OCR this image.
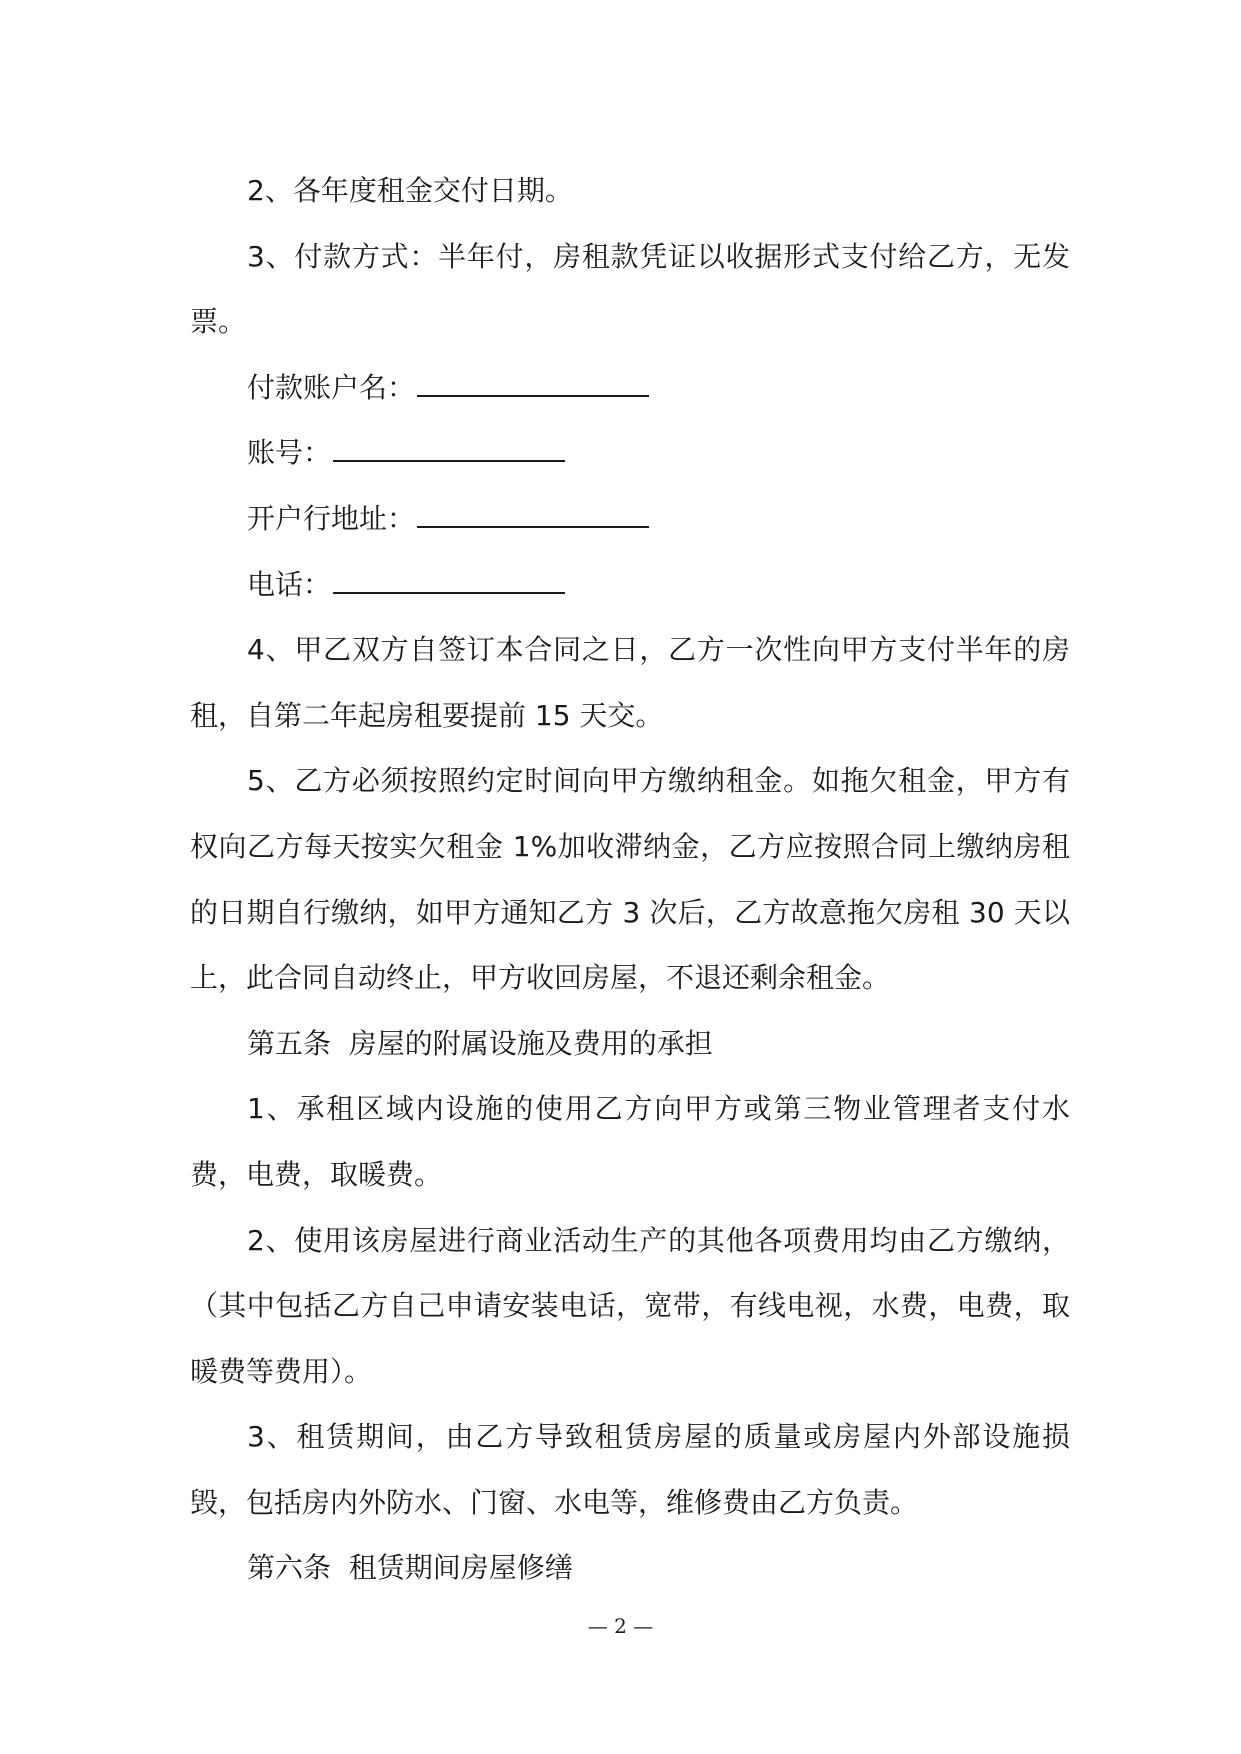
2、各年度租金交付日期。

3、付款方式：半年付，房租款凭证以收据形式支付给乙方，无发票。

付款账户名：

账号：

开户行地址：

电话：

4、甲乙双方自签订本合同之日，乙方一次性向甲方支付半年的房租，自第二年起房租要提前 15 天交。

5、乙方必须按照约定时间向甲方缴纳租金。如拖欠租金，甲方有权向乙方每天按实欠租金 1%加收滞纳金，乙方应按照合同上缴纳房租的日期自行缴纳，如甲方通知乙方 3 次后，乙方故意拖欠房租 30 天以上，此合同自动终止，甲方收回房屋，不退还剩余租金。

第五条  房屋的附属设施及费用的承担

1、承租区域内设施的使用乙方向甲方或第三物业管理者支付水费，电费，取暖费。

2、使用该房屋进行商业活动生产的其他各项费用均由乙方缴纳，（其中包括乙方自己申请安装电话，宽带，有线电视，水费，电费，取暖费等费用）。

3、租赁期间，由乙方导致租赁房屋的质量或房屋内外部设施损毁，包括房内外防水、门窗、水电等，维修费由乙方负责。

第六条  租赁期间房屋修缮

— 2 —
